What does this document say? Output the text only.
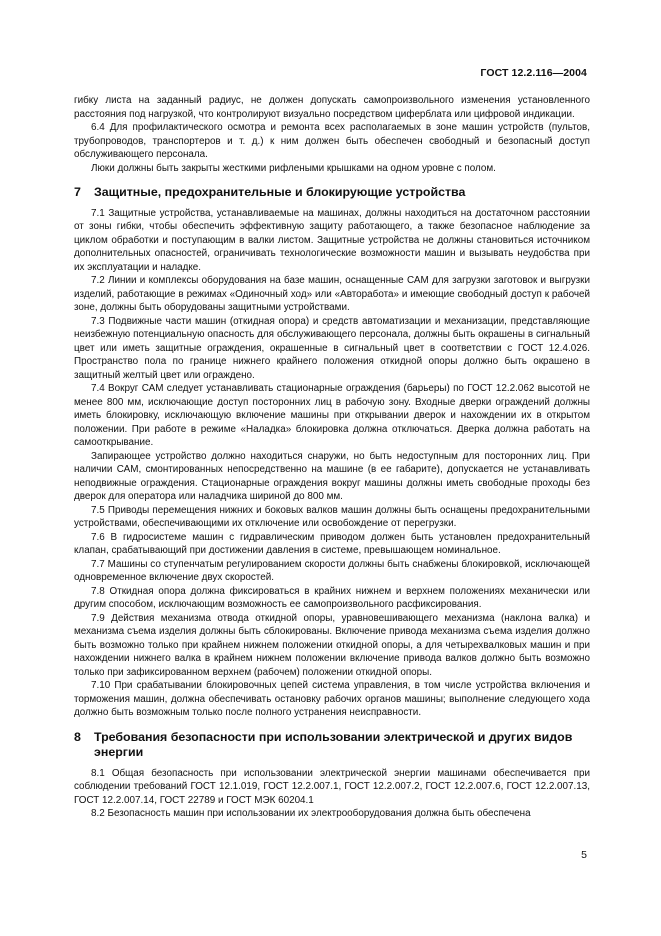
ГОСТ 12.2.116—2004

гибку листа на заданный радиус, не должен допускать самопроизвольного изменения установленного расстояния под нагрузкой, что контролируют визуально посредством циферблата или цифровой индикации.

6.4 Для профилактического осмотра и ремонта всех располагаемых в зоне машин устройств (пультов, трубопроводов, транспортеров и т. д.) к ним должен быть обеспечен свободный и безопасный доступ обслуживающего персонала.

Люки должны быть закрыты жесткими рифлеными крышками на одном уровне с полом.

7 Защитные, предохранительные и блокирующие устройства

7.1 Защитные устройства, устанавливаемые на машинах, должны находиться на достаточном расстоянии от зоны гибки, чтобы обеспечить эффективную защиту работающего, а также безопасное наблюдение за циклом обработки и поступающим в валки листом. Защитные устройства не должны становиться источником дополнительных опасностей, ограничивать технологические возможности машин и вызывать неудобства при их эксплуатации и наладке.

7.2 Линии и комплексы оборудования на базе машин, оснащенные САМ для загрузки заготовок и выгрузки изделий, работающие в режимах «Одиночный ход» или «Авторабота» и имеющие свободный доступ к рабочей зоне, должны быть оборудованы защитными устройствами.

7.3 Подвижные части машин (откидная опора) и средств автоматизации и механизации, представляющие неизбежную потенциальную опасность для обслуживающего персонала, должны быть окрашены в сигнальный цвет или иметь защитные ограждения, окрашенные в сигнальный цвет в соответствии с ГОСТ 12.4.026. Пространство пола по границе нижнего крайнего положения откидной опоры должно быть окрашено в защитный желтый цвет или ограждено.

7.4 Вокруг САМ следует устанавливать стационарные ограждения (барьеры) по ГОСТ 12.2.062 высотой не менее 800 мм, исключающие доступ посторонних лиц в рабочую зону. Входные дверки ограждений должны иметь блокировку, исключающую включение машины при открывании дверок и нахождении их в открытом положении. При работе в режиме «Наладка» блокировка должна отключаться. Дверка должна работать на самооткрывание.

Запирающее устройство должно находиться снаружи, но быть недоступным для посторонних лиц. При наличии САМ, смонтированных непосредственно на машине (в ее габарите), допускается не устанавливать неподвижные ограждения. Стационарные ограждения вокруг машины должны иметь свободные проходы без дверок для оператора или наладчика шириной до 800 мм.

7.5 Приводы перемещения нижних и боковых валков машин должны быть оснащены предохранительными устройствами, обеспечивающими их отключение или освобождение от перегрузки.

7.6 В гидросистеме машин с гидравлическим приводом должен быть установлен предохранительный клапан, срабатывающий при достижении давления в системе, превышающем номинальное.

7.7 Машины со ступенчатым регулированием скорости должны быть снабжены блокировкой, исключающей одновременное включение двух скоростей.

7.8 Откидная опора должна фиксироваться в крайних нижнем и верхнем положениях механически или другим способом, исключающим возможность ее самопроизвольного расфиксирования.

7.9 Действия механизма отвода откидной опоры, уравновешивающего механизма (наклона валка) и механизма съема изделия должны быть сблокированы. Включение привода механизма съема изделия должно быть возможно только при крайнем нижнем положении откидной опоры, а для четырехвалковых машин и при нахождении нижнего валка в крайнем нижнем положении включение привода валков должно быть возможно только при зафиксированном верхнем (рабочем) положении откидной опоры.

7.10 При срабатывании блокировочных цепей система управления, в том числе устройства включения и торможения машин, должна обеспечивать остановку рабочих органов машины; выполнение следующего хода должно быть возможным только после полного устранения неисправности.

8 Требования безопасности при использовании электрической и других видов энергии

8.1 Общая безопасность при использовании электрической энергии машинами обеспечивается при соблюдении требований ГОСТ 12.1.019, ГОСТ 12.2.007.1, ГОСТ 12.2.007.2, ГОСТ 12.2.007.6, ГОСТ 12.2.007.13, ГОСТ 12.2.007.14, ГОСТ 22789 и ГОСТ МЭК 60204.1

8.2 Безопасность машин при использовании их электрооборудования должна быть обеспечена

5
